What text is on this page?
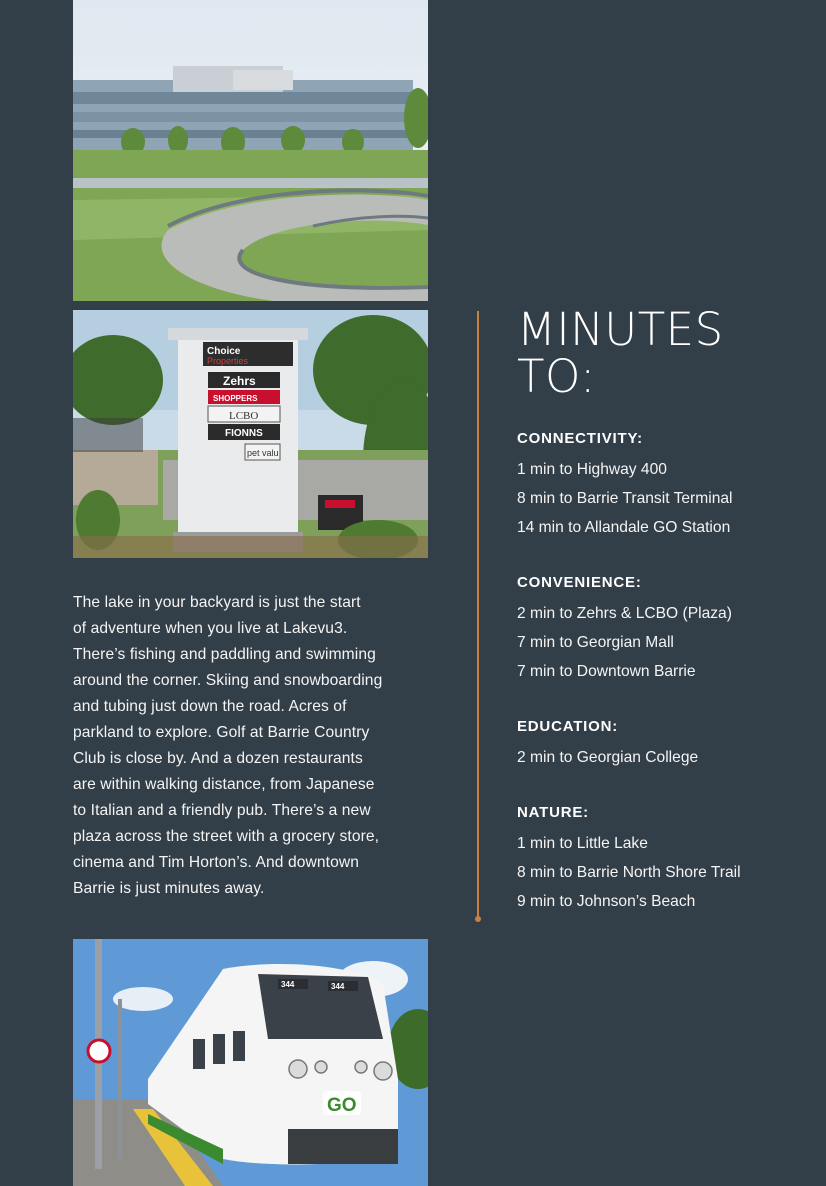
Choice
Properties
Zehrs
SHOPPERS
LCBO
FIONNS
pet valu
The lake in your backyard is just the start
of adventure when you live at Lakevu3.
There’s fishing and paddling and swimming
around the corner. Skiing and snowboarding
and tubing just down the road. Acres of
parkland to explore. Golf at Barrie Country
Club is close by. And a dozen restaurants
are within walking distance, from Japanese
to Italian and a friendly pub. There’s a new
plaza across the street with a grocery store,
cinema and Tim Horton’s. And downtown
Barrie is just minutes away.
344	344
GO
MINUTES
TO:
CONNECTIVITY:
1 min to Highway 400
8 min to Barrie Transit Terminal
14 min to Allandale GO Station
CONVENIENCE:
2 min to Zehrs & LCBO (Plaza)
7 min to Georgian Mall
7 min to Downtown Barrie
EDUCATION:
2 min to Georgian College
NATURE:
1 min to Little Lake
8 min to Barrie North Shore Trail
9 min to Johnson’s Beach
